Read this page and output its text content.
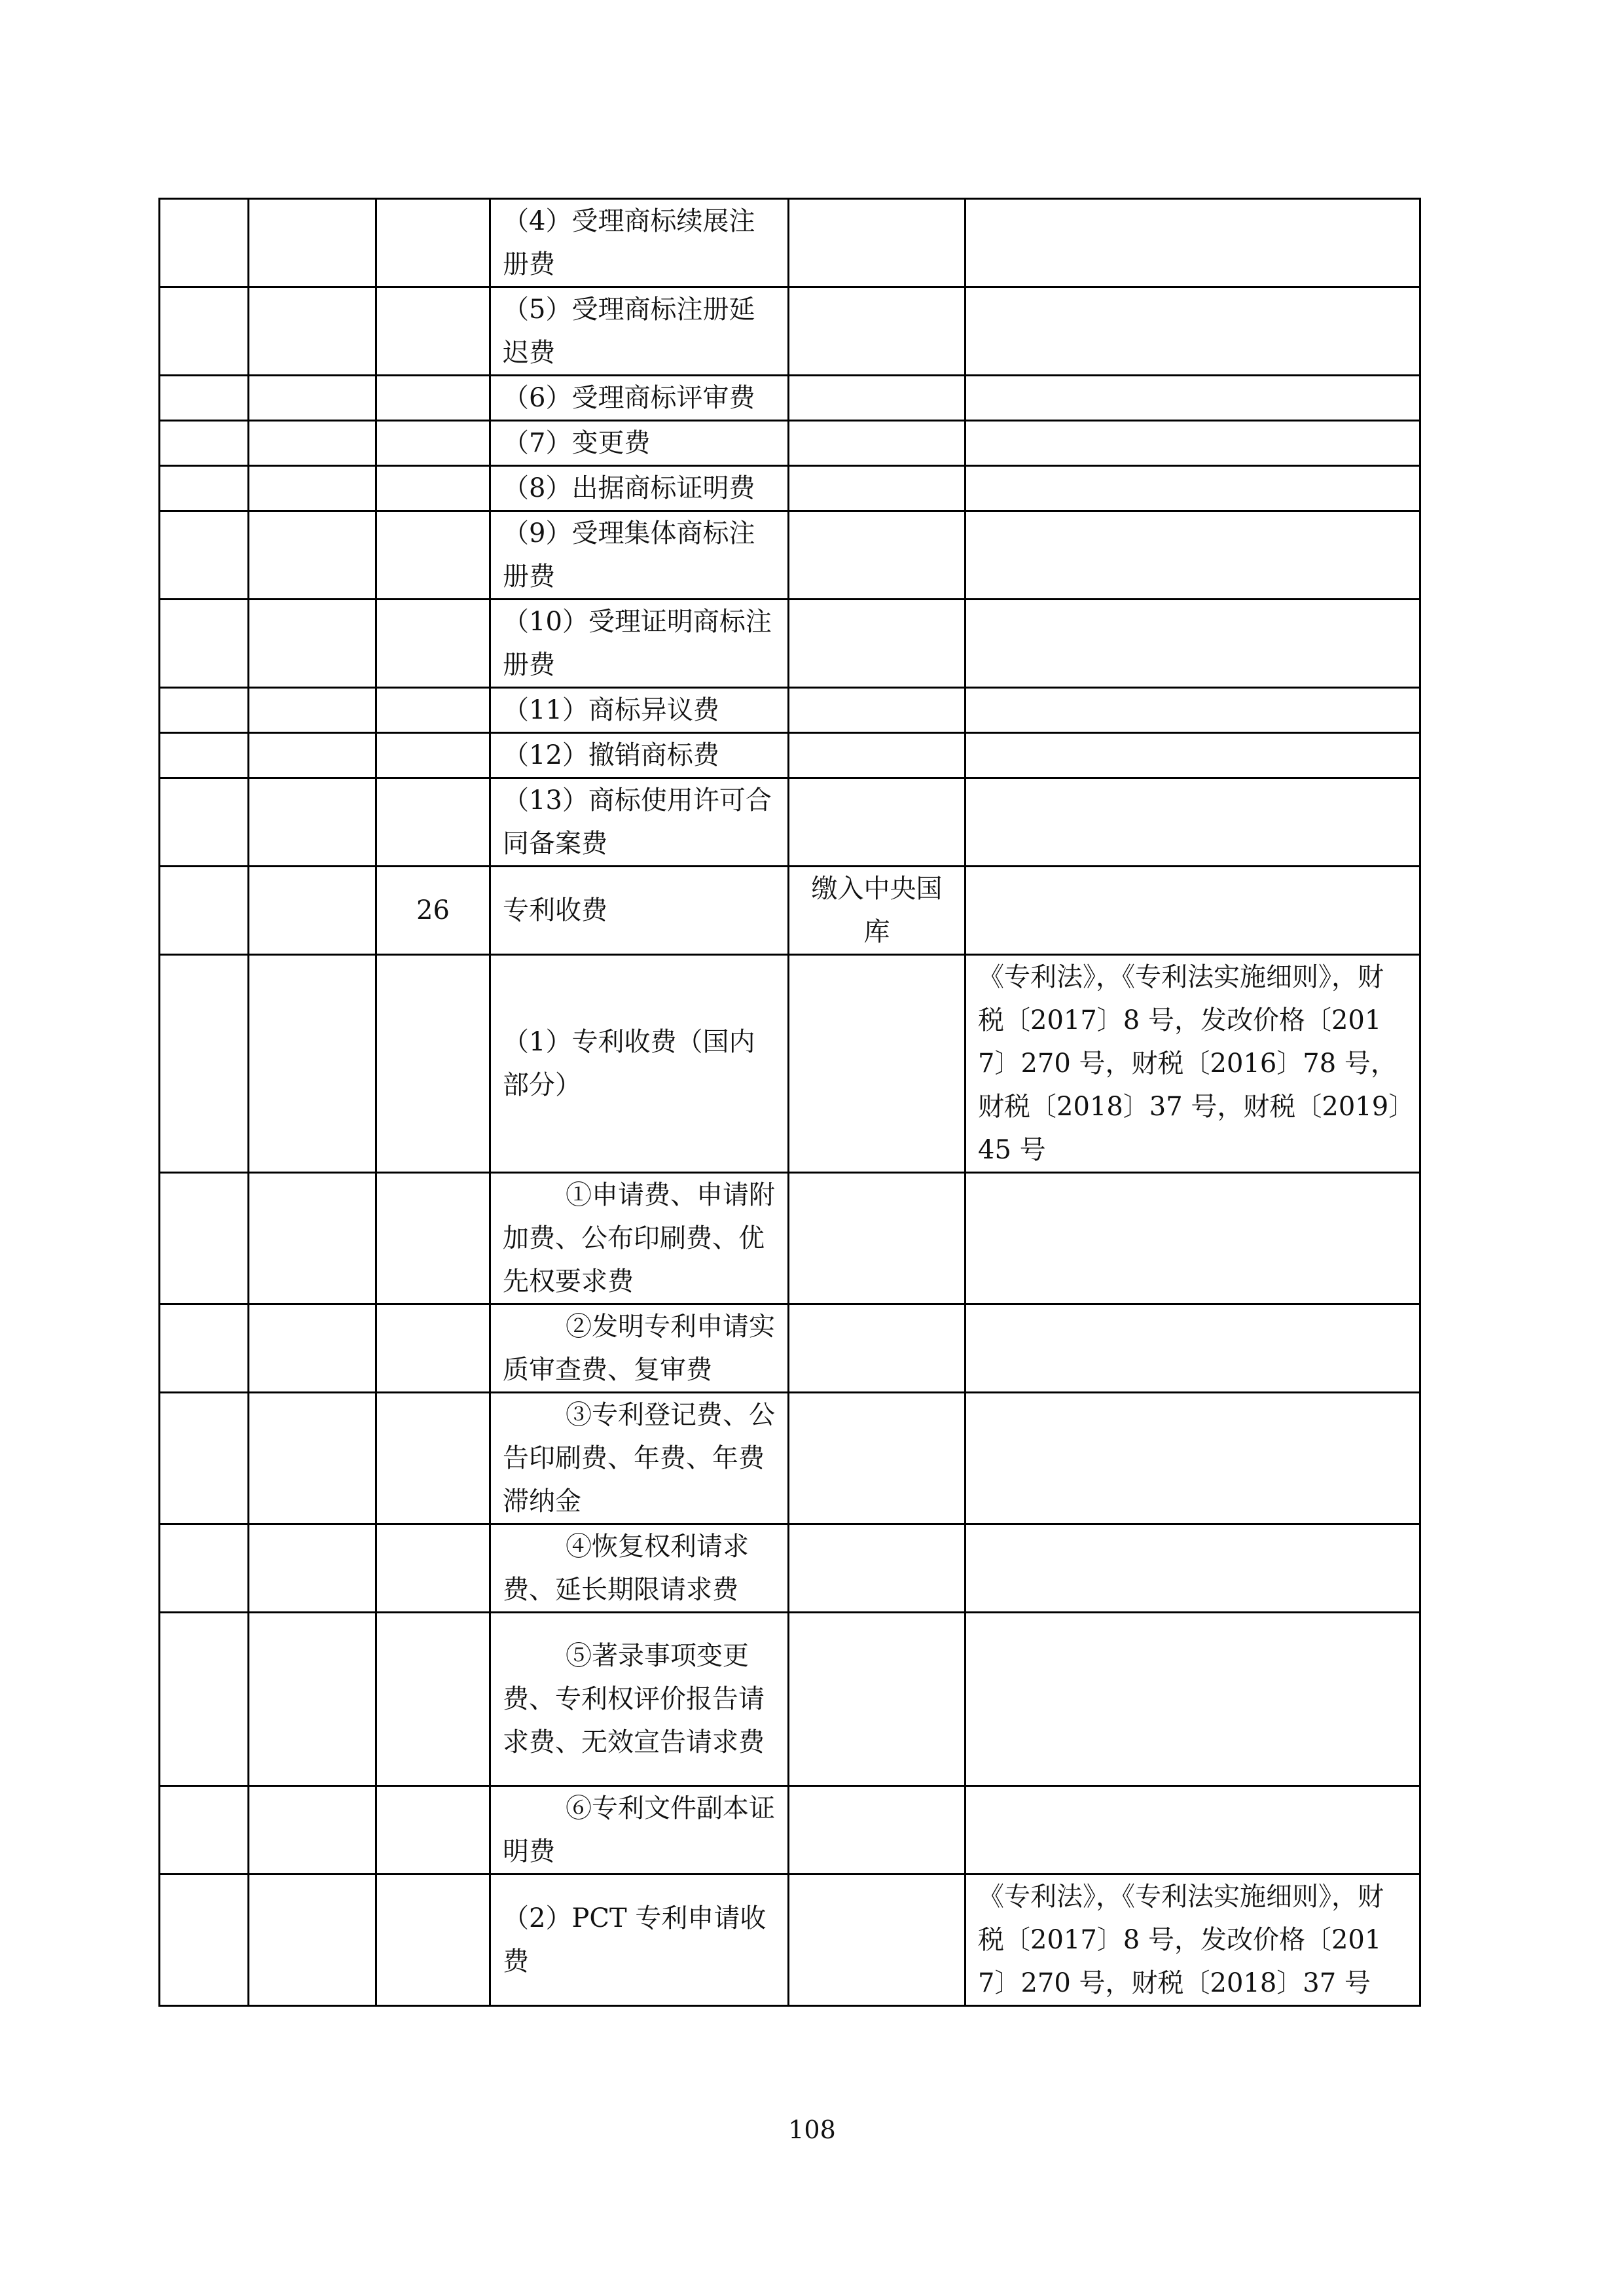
			（4）受理商标续展注册费		
			（5）受理商标注册延迟费		
			（6）受理商标评审费		
			（7）变更费		
			（8）出据商标证明费		
			（9）受理集体商标注册费		
			（10）受理证明商标注册费		
			（11）商标异议费		
			（12）撤销商标费		
			（13）商标使用许可合同备案费		
		26	专利收费	缴入中央国库	
			（1）专利收费（国内部分）		《专利法》，《专利法实施细则》，财税〔2017〕8 号，发改价格〔2017〕270 号，财税〔2016〕78 号，财税〔2018〕37 号，财税〔2019〕45 号
			①申请费、申请附加费、公布印刷费、优先权要求费		
			②发明专利申请实质审查费、复审费		
			③专利登记费、公告印刷费、年费、年费滞纳金		
			④恢复权利请求费、延长期限请求费		
			⑤著录事项变更费、专利权评价报告请求费、无效宣告请求费		
			⑥专利文件副本证明费		
			（2）PCT 专利申请收费		《专利法》，《专利法实施细则》，财税〔2017〕8 号，发改价格〔2017〕270 号，财税〔2018〕37 号
108
